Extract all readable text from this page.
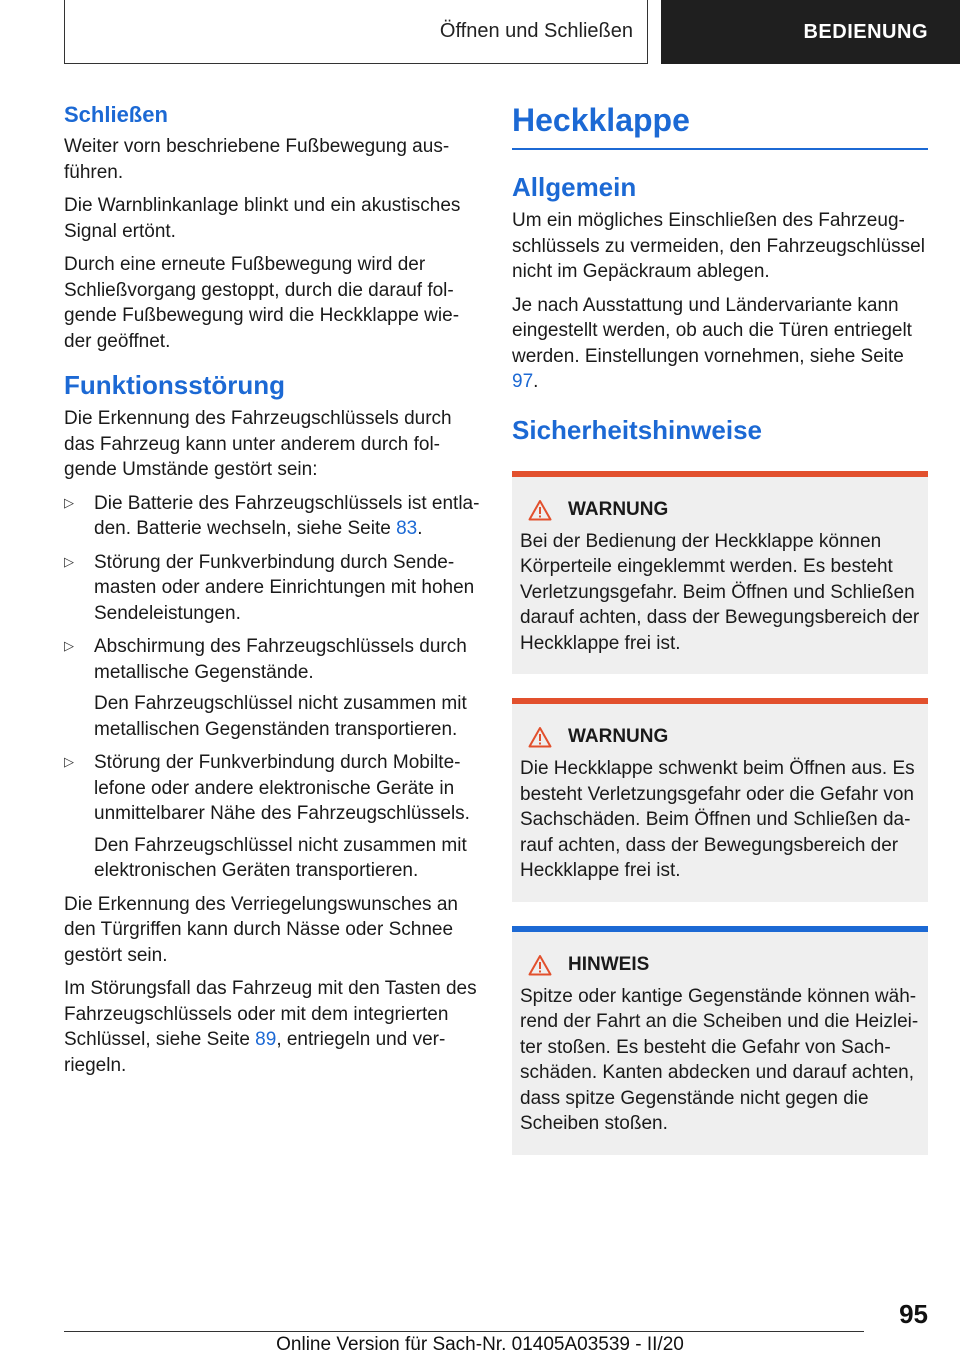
Öffnen und Schließen	BEDIENUNG
Schließen

Weiter vorn beschriebene Fußbewegung ausführen.

Die Warnblinkanlage blinkt und ein akustisches Signal ertönt.

Durch eine erneute Fußbewegung wird der Schließvorgang gestoppt, durch die darauf folgende Fußbewegung wird die Heckklappe wieder geöffnet.

Funktionsstörung

Die Erkennung des Fahrzeugschlüssels durch das Fahrzeug kann unter anderem durch folgende Umstände gestört sein:

▷ Die Batterie des Fahrzeugschlüssels ist entladen. Batterie wechseln, siehe Seite 83.

▷ Störung der Funkverbindung durch Sendemasten oder andere Einrichtungen mit hohen Sendeleistungen.

▷ Abschirmung des Fahrzeugschlüssels durch metallische Gegenstände.

Den Fahrzeugschlüssel nicht zusammen mit metallischen Gegenständen transportieren.

▷ Störung der Funkverbindung durch Mobiltelefone oder andere elektronische Geräte in unmittelbarer Nähe des Fahrzeugschlüssels.

Den Fahrzeugschlüssel nicht zusammen mit elektronischen Geräten transportieren.

Die Erkennung des Verriegelungswunsches an den Türgriffen kann durch Nässe oder Schnee gestört sein.

Im Störungsfall das Fahrzeug mit den Tasten des Fahrzeugschlüssels oder mit dem integrierten Schlüssel, siehe Seite 89, entriegeln und verriegeln.

Heckklappe
Allgemein

Um ein mögliches Einschließen des Fahrzeugschlüssels zu vermeiden, den Fahrzeugschlüssel nicht im Gepäckraum ablegen.

Je nach Ausstattung und Ländervariante kann eingestellt werden, ob auch die Türen entriegelt werden. Einstellungen vornehmen, siehe Seite 97.

Sicherheitshinweise
WARNUNG

Bei der Bedienung der Heckklappe können Körperteile eingeklemmt werden. Es besteht Verletzungsgefahr. Beim Öffnen und Schließen darauf achten, dass der Bewegungsbereich der Heckklappe frei ist.

WARNUNG

Die Heckklappe schwenkt beim Öffnen aus. Es besteht Verletzungsgefahr oder die Gefahr von Sachschäden. Beim Öffnen und Schließen darauf achten, dass der Bewegungsbereich der Heckklappe frei ist.

HINWEIS

Spitze oder kantige Gegenstände können während der Fahrt an die Scheiben und die Heizleiter stoßen. Es besteht die Gefahr von Sachschäden. Kanten abdecken und darauf achten, dass spitze Gegenstände nicht gegen die Scheiben stoßen.

95
Online Version für Sach-Nr. 01405A03539 - II/20
